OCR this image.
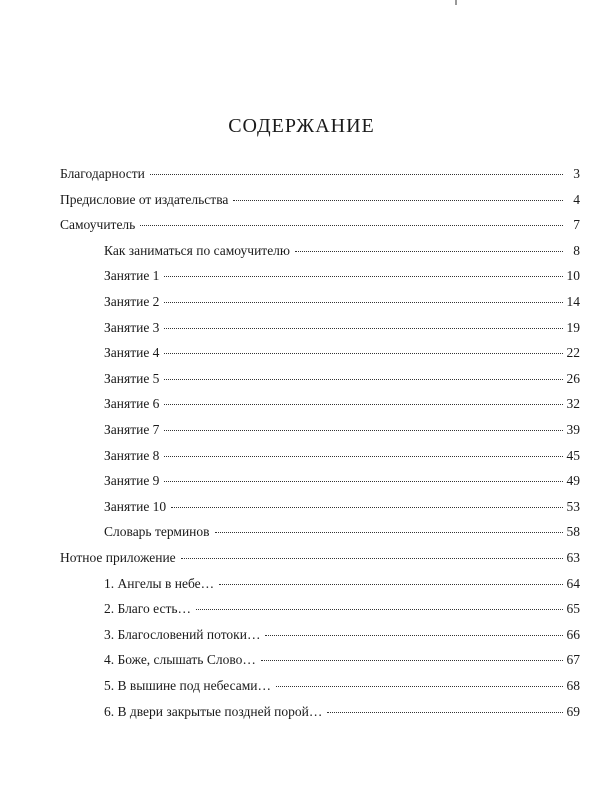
СОДЕРЖАНИЕ
Благодарности	3
Предисловие от издательства	4
Самоучитель	7
Как заниматься по самоучителю	8
Занятие 1	10
Занятие 2	14
Занятие 3	19
Занятие 4	22
Занятие 5	26
Занятие 6	32
Занятие 7	39
Занятие 8	45
Занятие 9	49
Занятие 10	53
Словарь терминов	58
Нотное приложение	63
1. Ангелы в небе…	64
2. Благо есть…	65
3. Благословений потоки…	66
4. Боже, слышать Слово…	67
5. В вышине под небесами…	68
6. В двери закрытые поздней порой…	69
